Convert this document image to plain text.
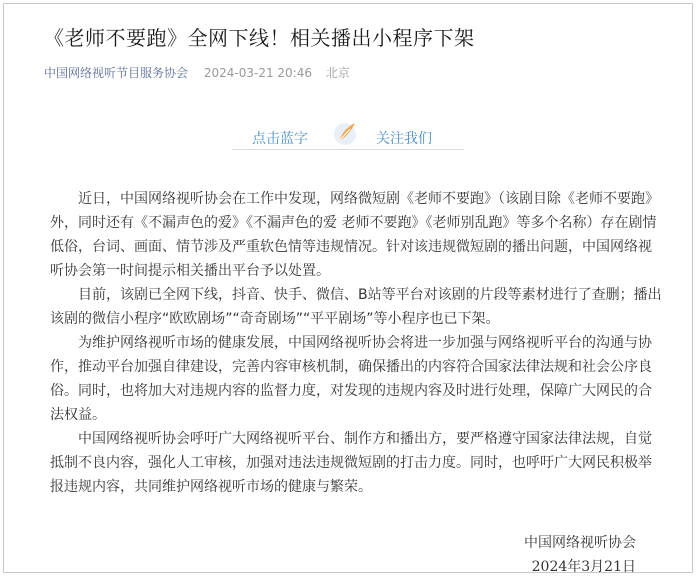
《老师不要跑》全网下线！相关播出小程序下架
中国网络视听节目服务协会 2024-03-21 20:46 北京
点击蓝字	关注我们

近日，中国网络视听协会在工作中发现，网络微短剧《老师不要跑》（该剧目除《老师不要跑》外，同时还有《不漏声色的爱》《不漏声色的爱 老师不要跑》《老师别乱跑》等多个名称）存在剧情低俗，台词、画面、情节涉及严重软色情等违规情况。针对该违规微短剧的播出问题，中国网络视听协会第一时间提示相关播出平台予以处置。

目前，该剧已全网下线，抖音、快手、微信、B站等平台对该剧的片段等素材进行了查删；播出该剧的微信小程序“欧欧剧场”“奇奇剧场”“平平剧场”等小程序也已下架。

为维护网络视听市场的健康发展，中国网络视听协会将进一步加强与网络视听平台的沟通与协作，推动平台加强自律建设，完善内容审核机制，确保播出的内容符合国家法律法规和社会公序良俗。同时，也将加大对违规内容的监督力度，对发现的违规内容及时进行处理，保障广大网民的合法权益。

中国网络视听协会呼吁广大网络视听平台、制作方和播出方，要严格遵守国家法律法规，自觉抵制不良内容，强化人工审核，加强对违法违规微短剧的打击力度。同时，也呼吁广大网民积极举报违规内容，共同维护网络视听市场的健康与繁荣。

中国网络视听协会
2024年3月21日
